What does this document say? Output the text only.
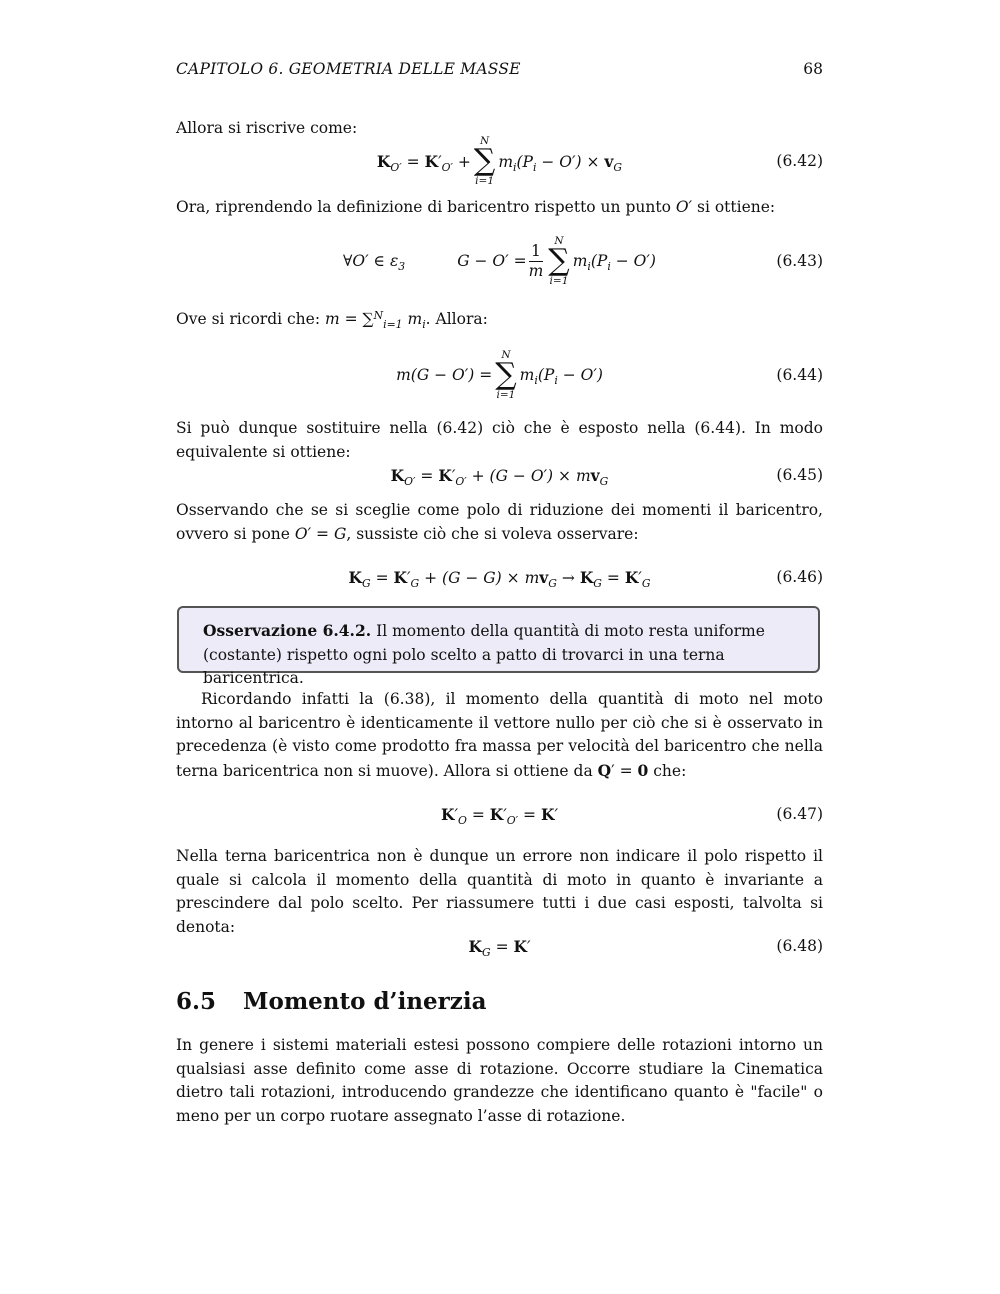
CAPITOLO 6. GEOMETRIA DELLE MASSE	68

Allora si riscrive come:

$K_{O'} = K'_{O'}$ +
N
∑
i=1
$m_i(P_i - O') \times v_G$	(6.42)

Ora, riprendendo la definizione di baricentro rispetto un punto O′ si ottiene:

∀O′ ∈ $\varepsilon_3$	$G - O' = \frac{1}{m}$
N
∑
i=1
$m_i(P_i - O')$	(6.43)

Ove si ricordi che: m = ∑$^N_{i=1}$ $m_i$. Allora:

m(G − O′) =
N
∑
i=1
$m_i(P_i - O')$	(6.44)

Si può dunque sostituire nella (6.42) ciò che è esposto nella (6.44). In modo equivalente si ottiene:

$K_{O'} = K'_{O'} + (G - O') \times mv_G$	(6.45)

Osservando che se si sceglie come polo di riduzione dei momenti il baricentro, ovvero si pone O′ = G, sussiste ciò che si voleva osservare:

$K_G = K'_G + (G - G) \times mv_G \to K_G = K'_G$	(6.46)
Osservazione 6.4.2. Il momento della quantità di moto resta uniforme (costante) rispetto ogni polo scelto a patto di trovarci in una terna baricentrica.

Ricordando infatti la (6.38), il momento della quantità di moto nel moto intorno al baricentro è identicamente il vettore nullo per ciò che si è osservato in precedenza (è visto come prodotto fra massa per velocità del baricentro che nella terna baricentrica non si muove). Allora si ottiene da Q′ = 0 che:

$K'_O = K'_{O'} = K'$	(6.47)

Nella terna baricentrica non è dunque un errore non indicare il polo rispetto il quale si calcola il momento della quantità di moto in quanto è invariante a prescindere dal polo scelto. Per riassumere tutti i due casi esposti, talvolta si denota:

$K_G = K'$	(6.48)
6.5 Momento d’inerzia

In genere i sistemi materiali estesi possono compiere delle rotazioni intorno un qualsiasi asse definito come asse di rotazione. Occorre studiare la Cinematica dietro tali rotazioni, introducendo grandezze che identificano quanto è "facile" o meno per un corpo ruotare assegnato l’asse di rotazione.
